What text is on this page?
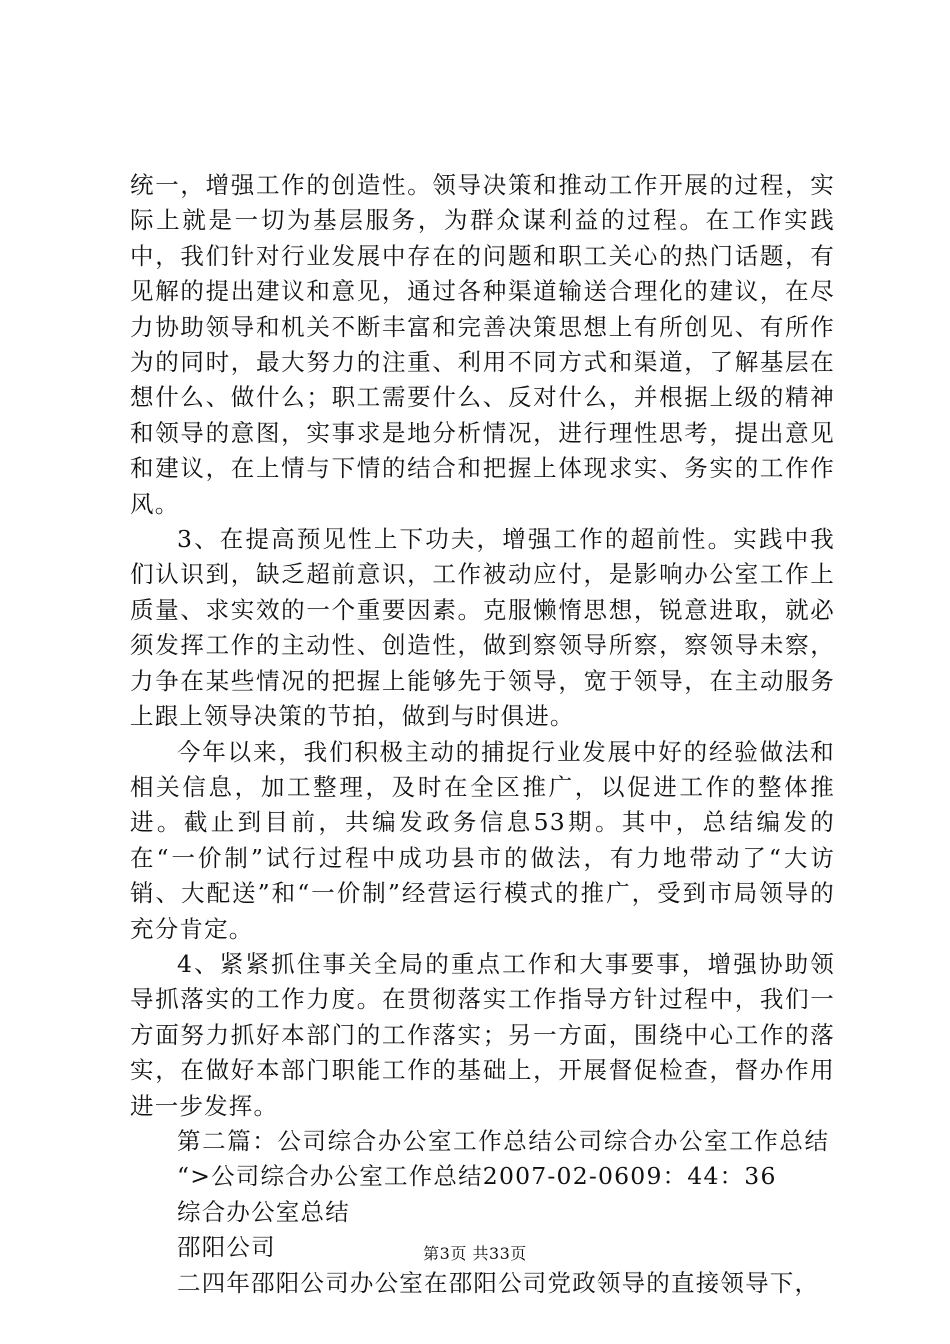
统一，增强工作的创造性。领导决策和推动工作开展的过程，实际上就是一切为基层服务，为群众谋利益的过程。在工作实践中，我们针对行业发展中存在的问题和职工关心的热门话题，有见解的提出建议和意见，通过各种渠道输送合理化的建议，在尽力协助领导和机关不断丰富和完善决策思想上有所创见、有所作为的同时，最大努力的注重、利用不同方式和渠道，了解基层在想什么、做什么；职工需要什么、反对什么，并根据上级的精神和领导的意图，实事求是地分析情况，进行理性思考，提出意见和建议，在上情与下情的结合和把握上体现求实、务实的工作作风。

3、在提高预见性上下功夫，增强工作的超前性。实践中我们认识到，缺乏超前意识，工作被动应付，是影响办公室工作上质量、求实效的一个重要因素。克服懒惰思想，锐意进取，就必须发挥工作的主动性、创造性，做到察领导所察，察领导未察，力争在某些情况的把握上能够先于领导，宽于领导，在主动服务上跟上领导决策的节拍，做到与时俱进。

今年以来，我们积极主动的捕捉行业发展中好的经验做法和相关信息，加工整理，及时在全区推广，以促进工作的整体推进。截止到目前，共编发政务信息53期。其中，总结编发的在“一价制”试行过程中成功县市的做法，有力地带动了“大访销、大配送”和“一价制”经营运行模式的推广，受到市局领导的充分肯定。

4、紧紧抓住事关全局的重点工作和大事要事，增强协助领导抓落实的工作力度。在贯彻落实工作指导方针过程中，我们一方面努力抓好本部门的工作落实；另一方面，围绕中心工作的落实，在做好本部门职能工作的基础上，开展督促检查，督办作用进一步发挥。

第二篇：公司综合办公室工作总结公司综合办公室工作总结

“>公司综合办公室工作总结2007-02-0609：44：36

综合办公室总结

邵阳公司

二四年邵阳公司办公室在邵阳公司党政领导的直接领导下，

第3页 共33页
